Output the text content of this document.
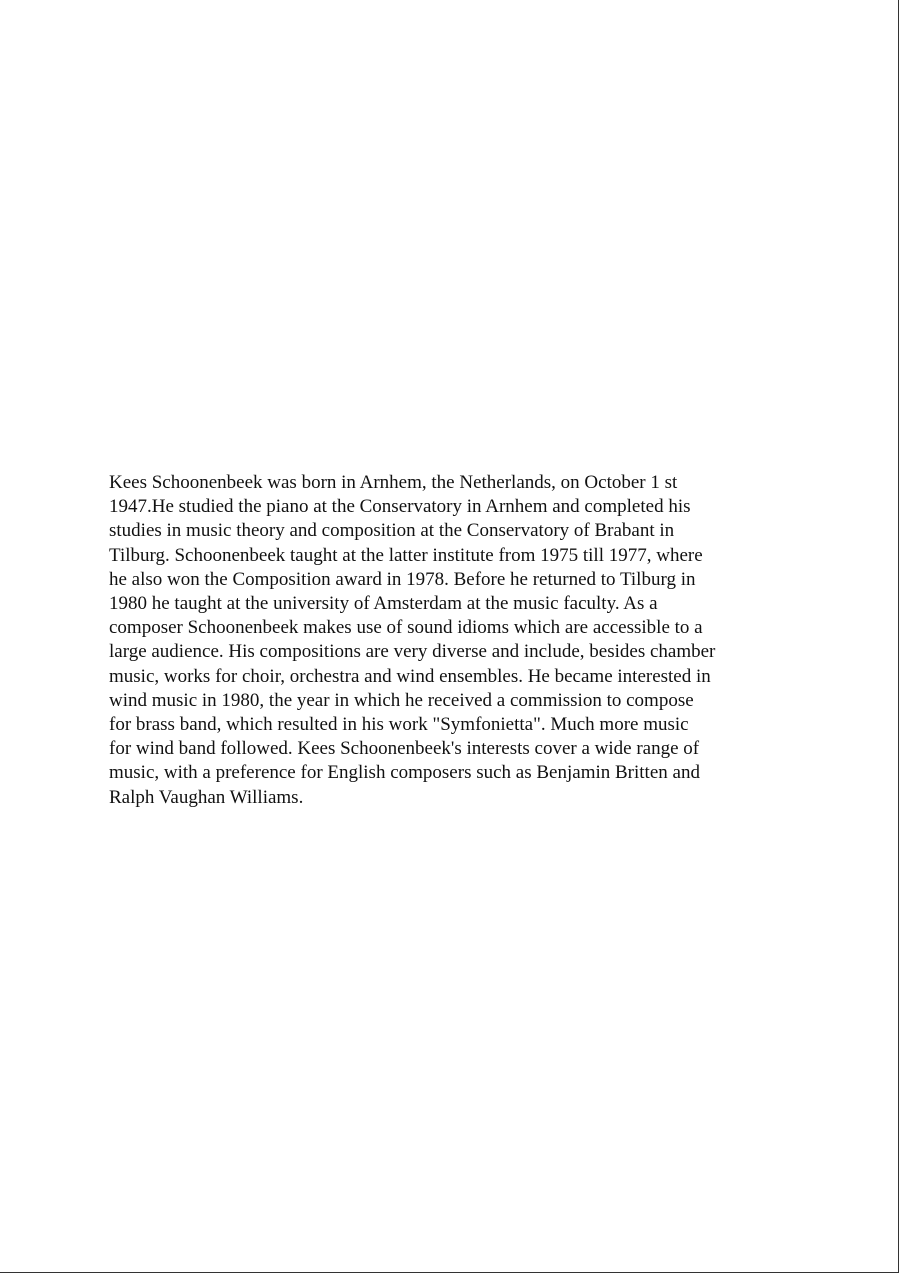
Kees Schoonenbeek was born in Arnhem, the Netherlands, on October 1 st
1947.He studied the piano at the Conservatory in Arnhem and completed his
studies in music theory and composition at the Conservatory of Brabant in
Tilburg. Schoonenbeek taught at the latter institute from 1975 till 1977, where
he also won the Composition award in 1978. Before he returned to Tilburg in
1980 he taught at the university of Amsterdam at the music faculty. As a
composer Schoonenbeek makes use of sound idioms which are accessible to a
large audience. His compositions are very diverse and include, besides chamber
music, works for choir, orchestra and wind ensembles. He became interested in
wind music in 1980, the year in which he received a commission to compose
for brass band, which resulted in his work "Symfonietta". Much more music
for wind band followed. Kees Schoonenbeek's interests cover a wide range of
music, with a preference for English composers such as Benjamin Britten and
Ralph Vaughan Williams.
